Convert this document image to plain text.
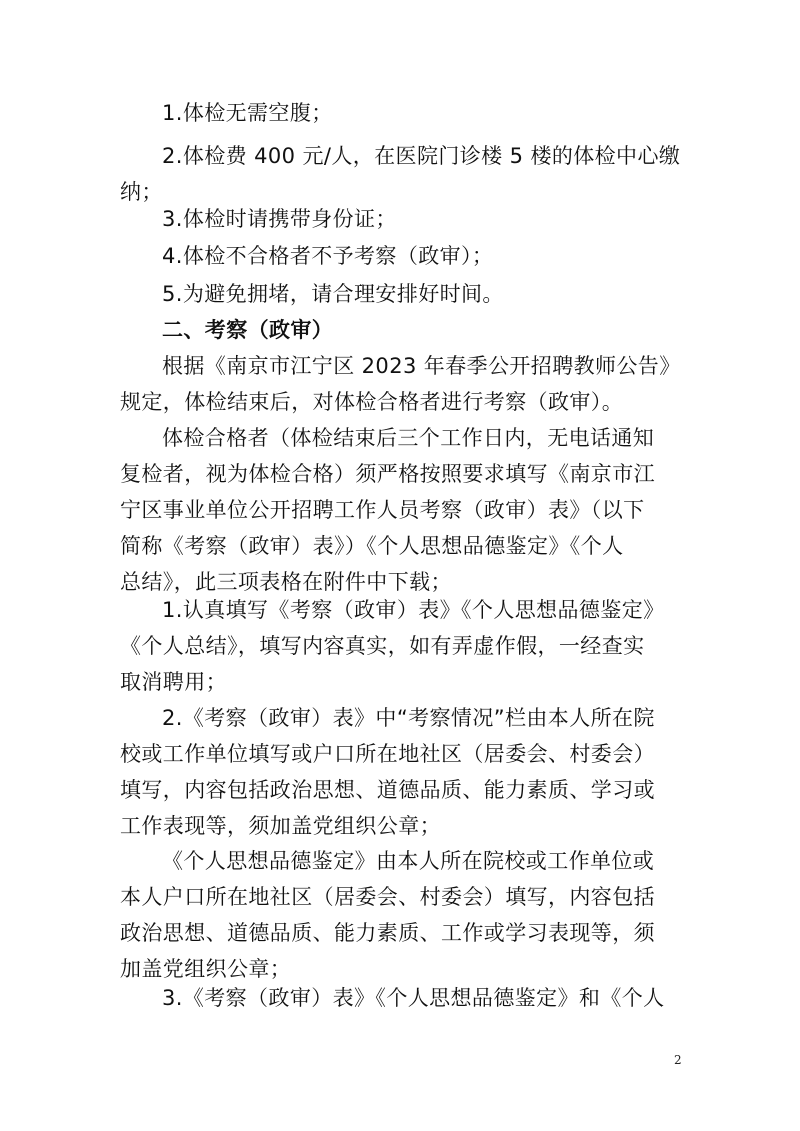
1.体检无需空腹；
2.体检费 400 元/人，在医院门诊楼 5 楼的体检中心缴
纳；
3.体检时请携带身份证；
4.体检不合格者不予考察（政审）；
5.为避免拥堵，请合理安排好时间。
二、考察（政审）
根据《南京市江宁区 2023 年春季公开招聘教师公告》
规定，体检结束后，对体检合格者进行考察（政审）。
体检合格者（体检结束后三个工作日内，无电话通知
复检者，视为体检合格）须严格按照要求填写《南京市江
宁区事业单位公开招聘工作人员考察（政审）表》（以下
简称《考察（政审）表》）《个人思想品德鉴定》《个人
总结》，此三项表格在附件中下载；
1.认真填写《考察（政审）表》《个人思想品德鉴定》
《个人总结》，填写内容真实，如有弄虚作假，一经查实
取消聘用；
2.《考察（政审）表》中“考察情况”栏由本人所在院
校或工作单位填写或户口所在地社区（居委会、村委会）
填写，内容包括政治思想、道德品质、能力素质、学习或
工作表现等，须加盖党组织公章；
《个人思想品德鉴定》由本人所在院校或工作单位或
本人户口所在地社区（居委会、村委会）填写，内容包括
政治思想、道德品质、能力素质、工作或学习表现等，须
加盖党组织公章；
3.《考察（政审）表》《个人思想品德鉴定》和《个人
2
